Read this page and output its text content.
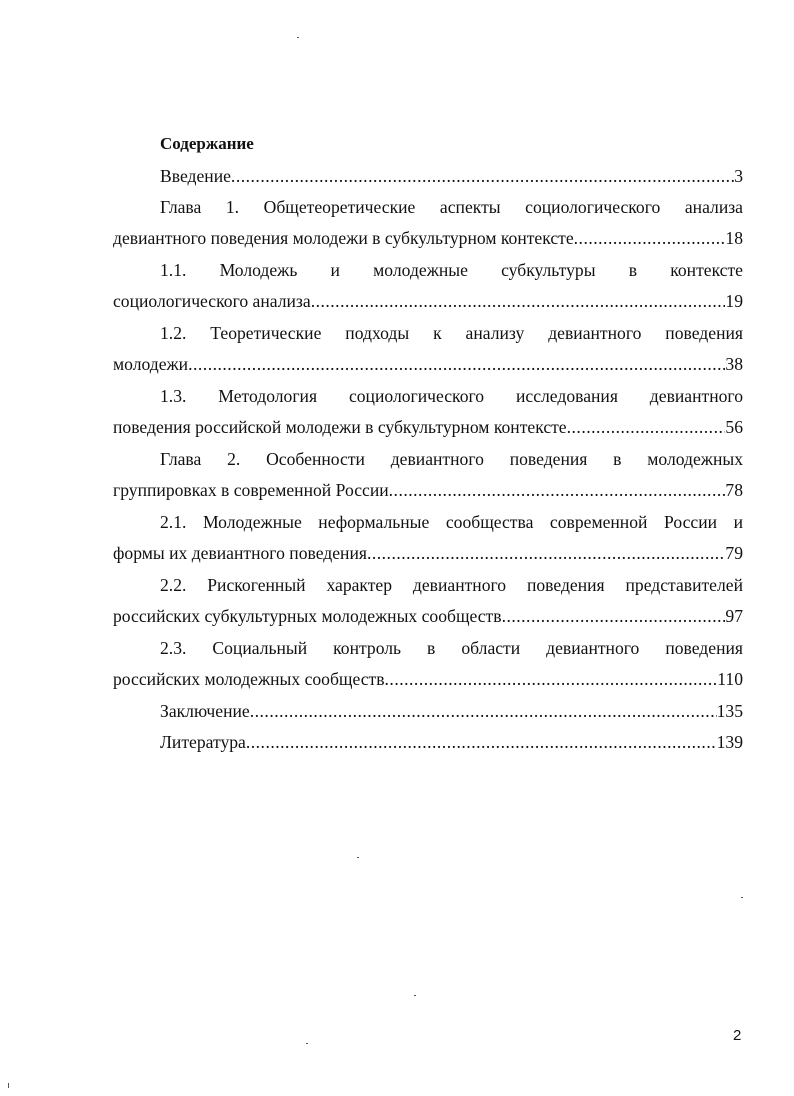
Содержание
Введение .....	3
Глава 1. Общетеоретические аспекты социологического анализа
девиантного поведения молодежи в субкультурном контексте .....	18
1.1. Молодежь и молодежные субкультуры в контексте
социологического анализа .....	19
1.2. Теоретические подходы к анализу девиантного поведения
молодежи .....	38
1.3. Методология социологического исследования девиантного
поведения российской молодежи в субкультурном контексте .....	56
Глава 2. Особенности девиантного поведения в молодежных
группировках в современной России .....	78
2.1. Молодежные неформальные сообщества современной России и
формы их девиантного поведения .....	79
2.2. Рискогенный характер девиантного поведения представителей
российских субкультурных молодежных сообществ .....	97
2.3. Социальный контроль в области девиантного поведения
российских молодежных сообществ .....	110
Заключение .....	135
Литература .....	139
2
